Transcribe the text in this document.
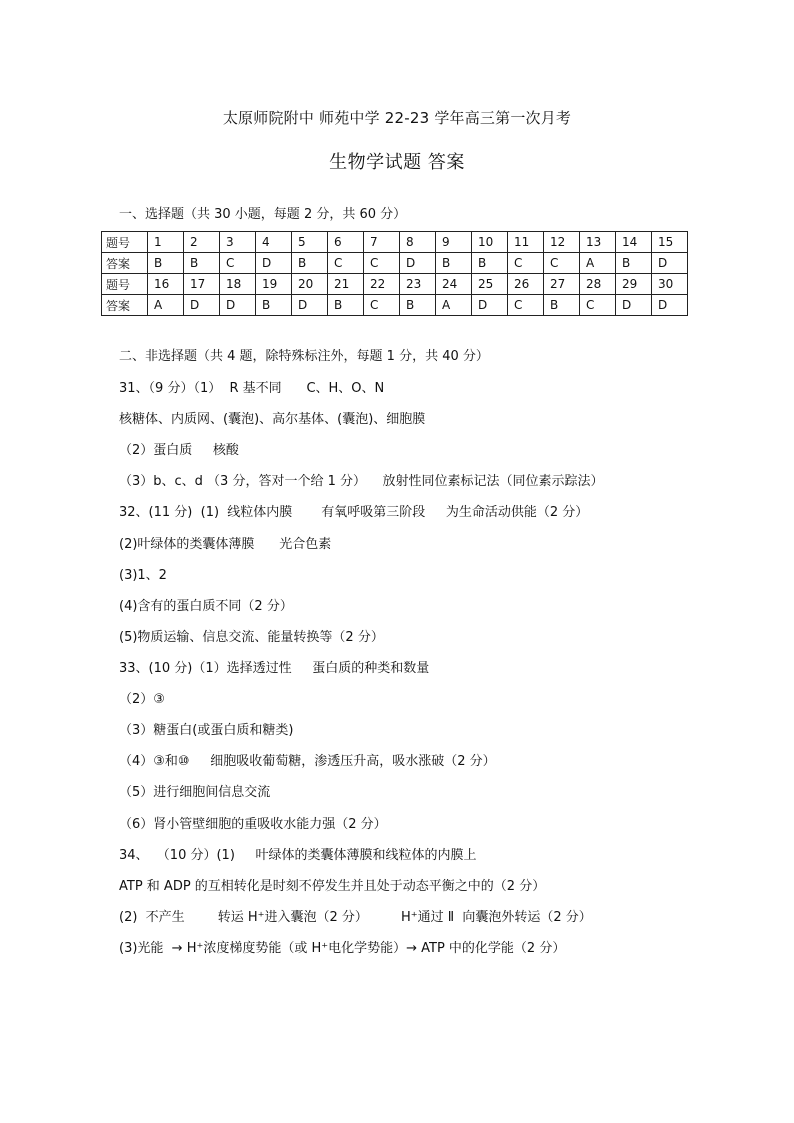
太原师院附中 师苑中学 22-23 学年高三第一次月考
生物学试题 答案
一、选择题（共 30 小题，每题 2 分，共 60 分）
题号	1	2	3	4	5	6	7	8	9	10	11	12	13	14	15
答案	B	B	C	D	B	C	C	D	B	B	C	C	A	B	D
题号	16	17	18	19	20	21	22	23	24	25	26	27	28	29	30
答案	A	D	D	B	D	B	C	B	A	D	C	B	C	D	D
二、非选择题（共 4 题，除特殊标注外，每题 1 分，共 40 分）
31、（9 分）（1）  R 基不同      C、H、O、N
核糖体、内质网、(囊泡)、高尔基体、(囊泡)、细胞膜
（2）蛋白质     核酸
（3）b、c、d （3 分，答对一个给 1 分）    放射性同位素标记法（同位素示踪法）
32、(11 分)  (1)  线粒体内膜       有氧呼吸第三阶段     为生命活动供能（2 分）
(2)叶绿体的类囊体薄膜      光合色素
(3)1、2
(4)含有的蛋白质不同（2 分）
(5)物质运输、信息交流、能量转换等（2 分）
33、(10 分)（1）选择透过性     蛋白质的种类和数量
（2）③
（3）糖蛋白(或蛋白质和糖类)
（4）③和⑩     细胞吸收葡萄糖，渗透压升高，吸水涨破（2 分）
（5）进行细胞间信息交流
（6）肾小管壁细胞的重吸收水能力强（2 分）
34、  （10 分）(1)     叶绿体的类囊体薄膜和线粒体的内膜上
ATP 和 ADP 的互相转化是时刻不停发生并且处于动态平衡之中的（2 分）
(2)  不产生        转运 H⁺进入囊泡（2 分）        H⁺通过 Ⅱ  向囊泡外转运（2 分）
(3)光能  → H⁺浓度梯度势能（或 H⁺电化学势能）→ ATP 中的化学能（2 分）
